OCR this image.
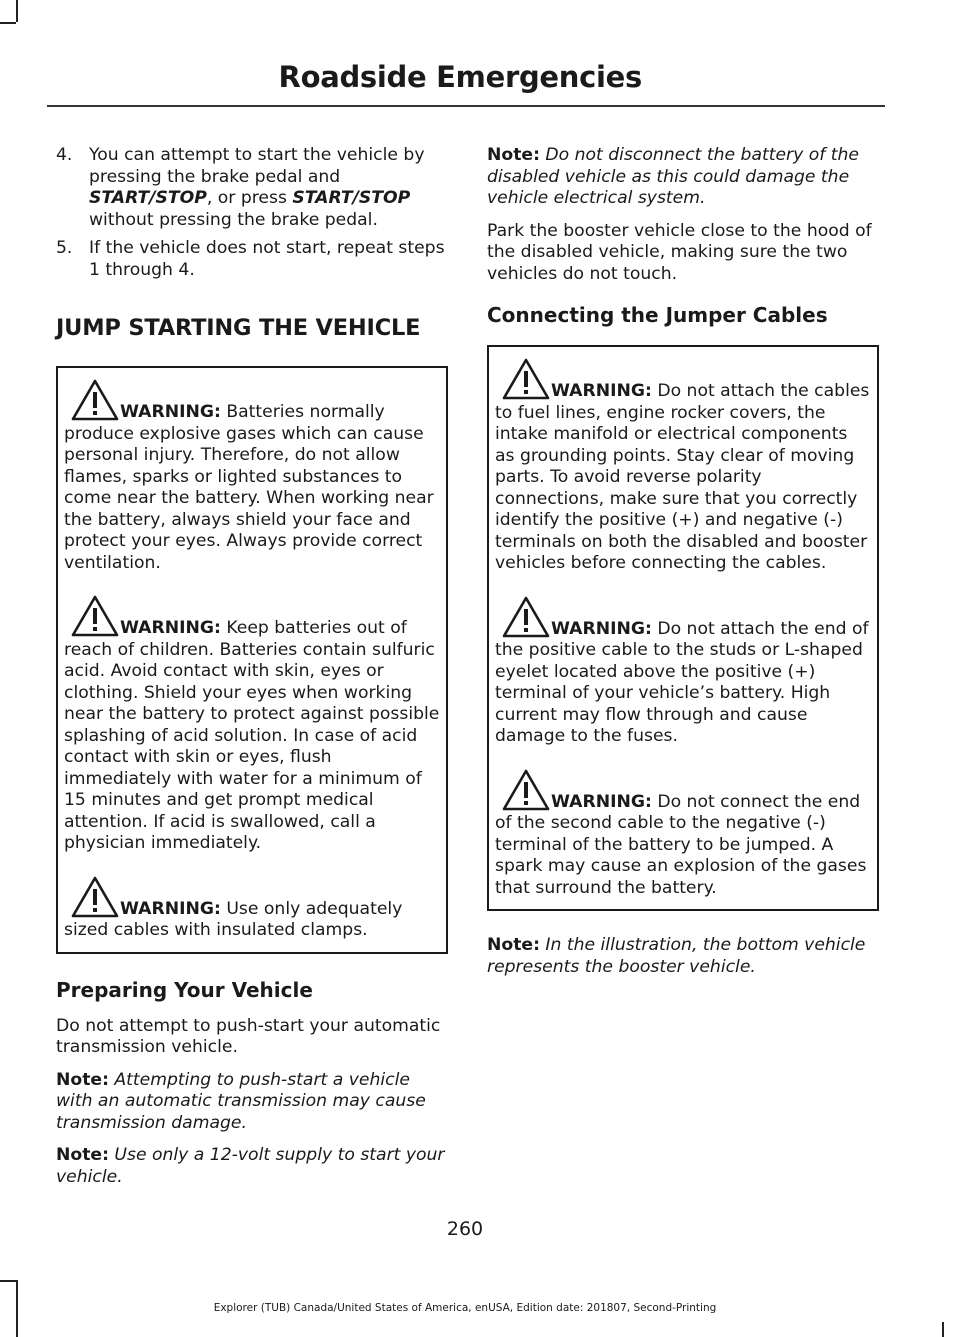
Roadside Emergencies
4. You can attempt to start the vehicle by pressing the brake pedal and START/STOP, or press START/STOP without pressing the brake pedal.
5. If the vehicle does not start, repeat steps 1 through 4.
JUMP STARTING THE VEHICLE
WARNING: Batteries normally produce explosive gases which can cause personal injury. Therefore, do not allow flames, sparks or lighted substances to come near the battery. When working near the battery, always shield your face and protect your eyes. Always provide correct ventilation.
WARNING: Keep batteries out of reach of children. Batteries contain sulfuric acid. Avoid contact with skin, eyes or clothing. Shield your eyes when working near the battery to protect against possible splashing of acid solution. In case of acid contact with skin or eyes, flush immediately with water for a minimum of 15 minutes and get prompt medical attention. If acid is swallowed, call a physician immediately.
WARNING: Use only adequately sized cables with insulated clamps.
Preparing Your Vehicle

Do not attempt to push-start your automatic transmission vehicle.

Note: Attempting to push-start a vehicle with an automatic transmission may cause transmission damage.

Note: Use only a 12-volt supply to start your vehicle.

Note: Do not disconnect the battery of the disabled vehicle as this could damage the vehicle electrical system.

Park the booster vehicle close to the hood of the disabled vehicle, making sure the two vehicles do not touch.

Connecting the Jumper Cables
WARNING: Do not attach the cables to fuel lines, engine rocker covers, the intake manifold or electrical components as grounding points. Stay clear of moving parts. To avoid reverse polarity connections, make sure that you correctly identify the positive (+) and negative (-) terminals on both the disabled and booster vehicles before connecting the cables.
WARNING: Do not attach the end of the positive cable to the studs or L-shaped eyelet located above the positive (+) terminal of your vehicle’s battery. High current may flow through and cause damage to the fuses.
WARNING: Do not connect the end of the second cable to the negative (-) terminal of the battery to be jumped. A spark may cause an explosion of the gases that surround the battery.

Note: In the illustration, the bottom vehicle represents the booster vehicle.

260
Explorer (TUB) Canada/United States of America, enUSA, Edition date: 201807, Second-Printing
